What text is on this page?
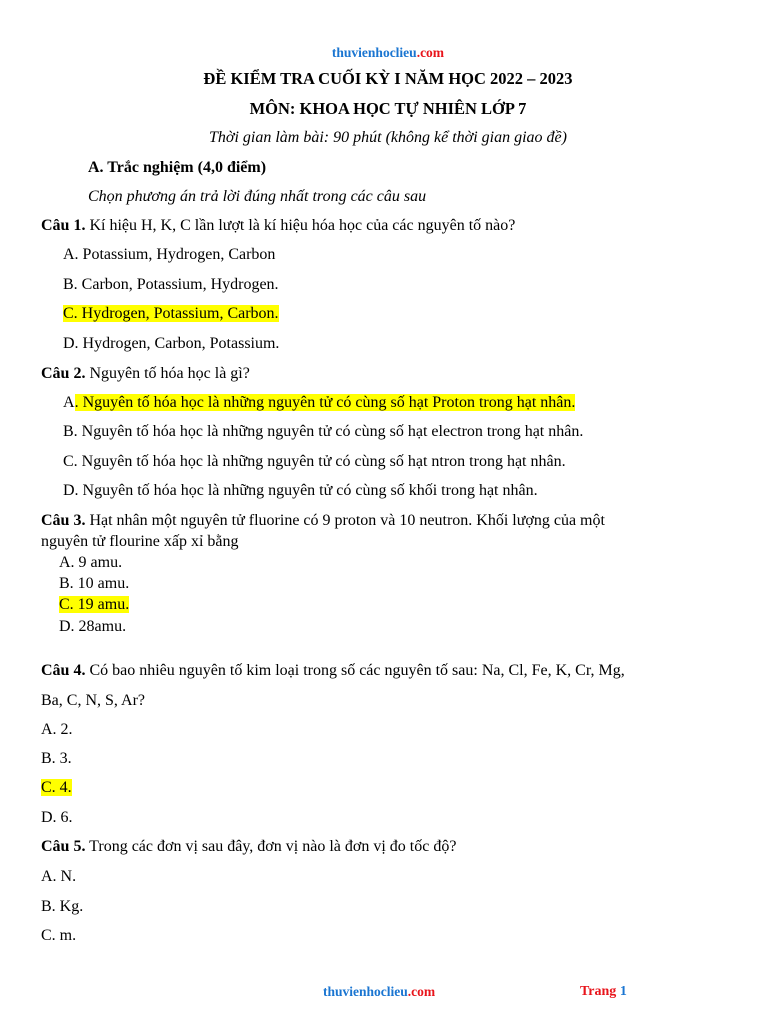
thuvienhoclieu.com
ĐỀ KIỂM TRA CUỐI KỲ I NĂM HỌC 2022 – 2023
MÔN: KHOA HỌC TỰ NHIÊN LỚP 7
Thời gian làm bài: 90 phút (không kể thời gian giao đề)
A. Trắc nghiệm (4,0 điểm)
Chọn phương án trả lời đúng nhất trong các câu sau
Câu 1. Kí hiệu H, K, C lần lượt là kí hiệu hóa học của các nguyên tố nào?
A. Potassium, Hydrogen, Carbon
B. Carbon, Potassium, Hydrogen.
C. Hydrogen, Potassium, Carbon.
D. Hydrogen, Carbon, Potassium.
Câu 2. Nguyên tố hóa học là gì?
A. Nguyên tố hóa học là những nguyên tử có cùng số hạt Proton trong hạt nhân.
B. Nguyên tố hóa học là những nguyên tử có cùng số hạt electron trong hạt nhân.
C. Nguyên tố hóa học là những nguyên tử có cùng số hạt ntron trong hạt nhân.
D. Nguyên tố hóa học là những nguyên tử có cùng số khối trong hạt nhân.
Câu 3. Hạt nhân một nguyên tử fluorine có 9 proton và 10 neutron. Khối lượng của một
nguyên tử flourine xấp xỉ bằng
A. 9 amu.
B. 10 amu.
C. 19 amu.
D. 28amu.
Câu 4. Có bao nhiêu nguyên tố kim loại trong số các nguyên tố sau: Na, Cl, Fe, K, Cr, Mg,
Ba, C, N, S, Ar?
A. 2.
B. 3.
C. 4.
D. 6.
Câu 5. Trong các đơn vị sau đây, đơn vị nào là đơn vị đo tốc độ?
A. N.
B. Kg.
C. m.
thuvienhoclieu.com	Trang 1
